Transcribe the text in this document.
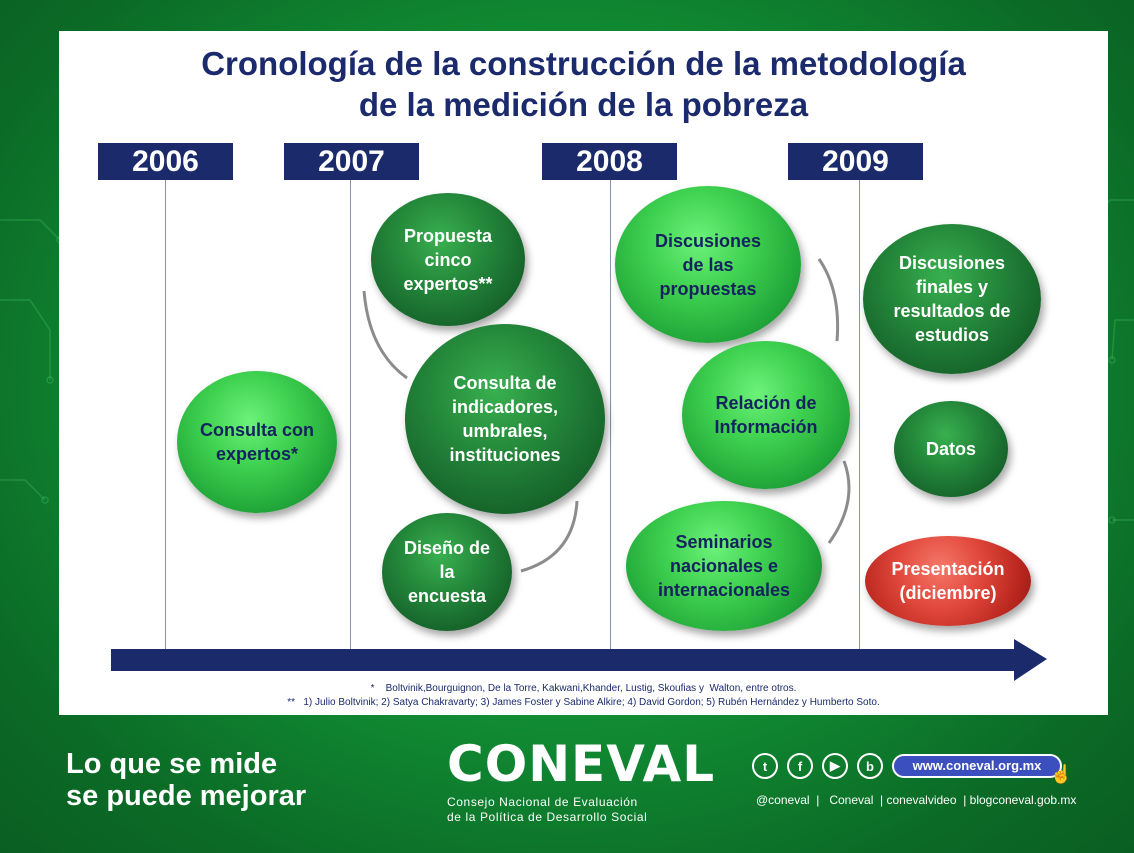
Cronología de la construcción de la metodología
de la medición de la pobreza
2006	2007	2008	2009
Consulta con expertos*
Propuesta cinco expertos**
Consulta de indicadores, umbrales, instituciones
Diseño de la encuesta
Discusiones de las propuestas
Relación de Información
Seminarios nacionales e internacionales
Discusiones finales y resultados de estudios
Datos
Presentación (diciembre)
*    Boltvinik,Bourguignon, De la Torre, Kakwani,Khander, Lustig, Skoufias y  Walton, entre otros.
**   1) Julio Boltvinik; 2) Satya Chakravarty; 3) James Foster y Sabine Alkire; 4) David Gordon; 5) Rubén Hernández y Humberto Soto.
Lo que se mide
se puede mejorar
CONEVAL
Consejo Nacional de Evaluación
de la Política de Desarrollo Social
t	f	▶	b	www.coneval.org.mx ☝
@coneval  |   Coneval  | conevalvideo  | blogconeval.gob.mx
